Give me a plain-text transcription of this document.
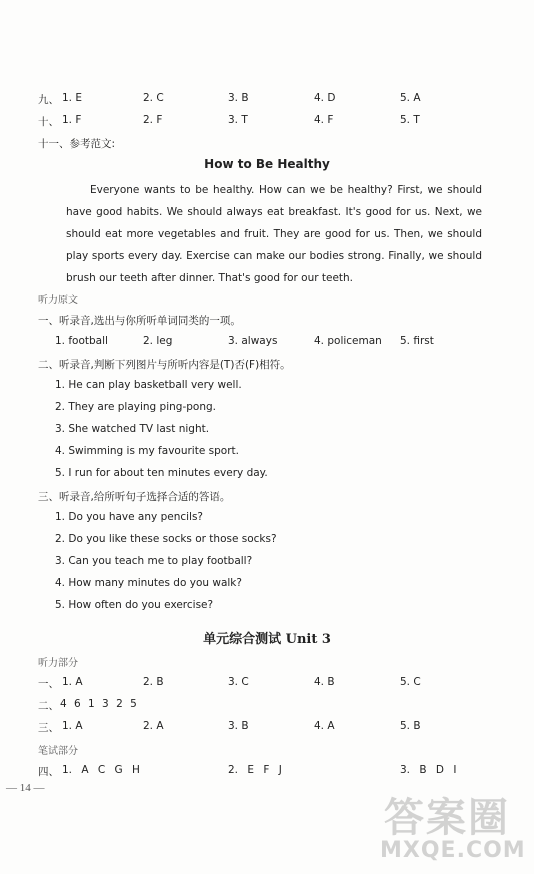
九、 1. E	2. C	3. B	4. D	5. A
十、 1. F	2. F	3. T	4. F	5. T
十一、参考范文:
How to Be Healthy

Everyone wants to be healthy. How can we be healthy? First, we should have good habits. We should always eat breakfast. It's good for us. Next, we should eat more vegetables and fruit. They are good for us. Then, we should play sports every day. Exercise can make our bodies strong. Finally, we should brush our teeth after dinner. That's good for our teeth.

听力原文
一、听录音,选出与你所听单词同类的一项。
1. football	2. leg	3. always	4. policeman 5. first
二、听录音,判断下列图片与所听内容是(T)否(F)相符。
1. He can play basketball very well.
2. They are playing ping-pong.
3. She watched TV last night.
4. Swimming is my favourite sport.
5. I run for about ten minutes every day.
三、听录音,给所听句子选择合适的答语。
1. Do you have any pencils?
2. Do you like these socks or those socks?
3. Can you teach me to play football?
4. How many minutes do you walk?
5. How often do you exercise?
单元综合测试 Unit 3
听力部分
一、 1. A	2. B	3. C	4. B	5. C
二、 4 6 1 3 2 5
三、 1. A	2. A	3. B	4. A	5. B
笔试部分
四、 1. A C G H	2. E F J	3. B D I
— 14 —
答案圈
MXQE.COM
